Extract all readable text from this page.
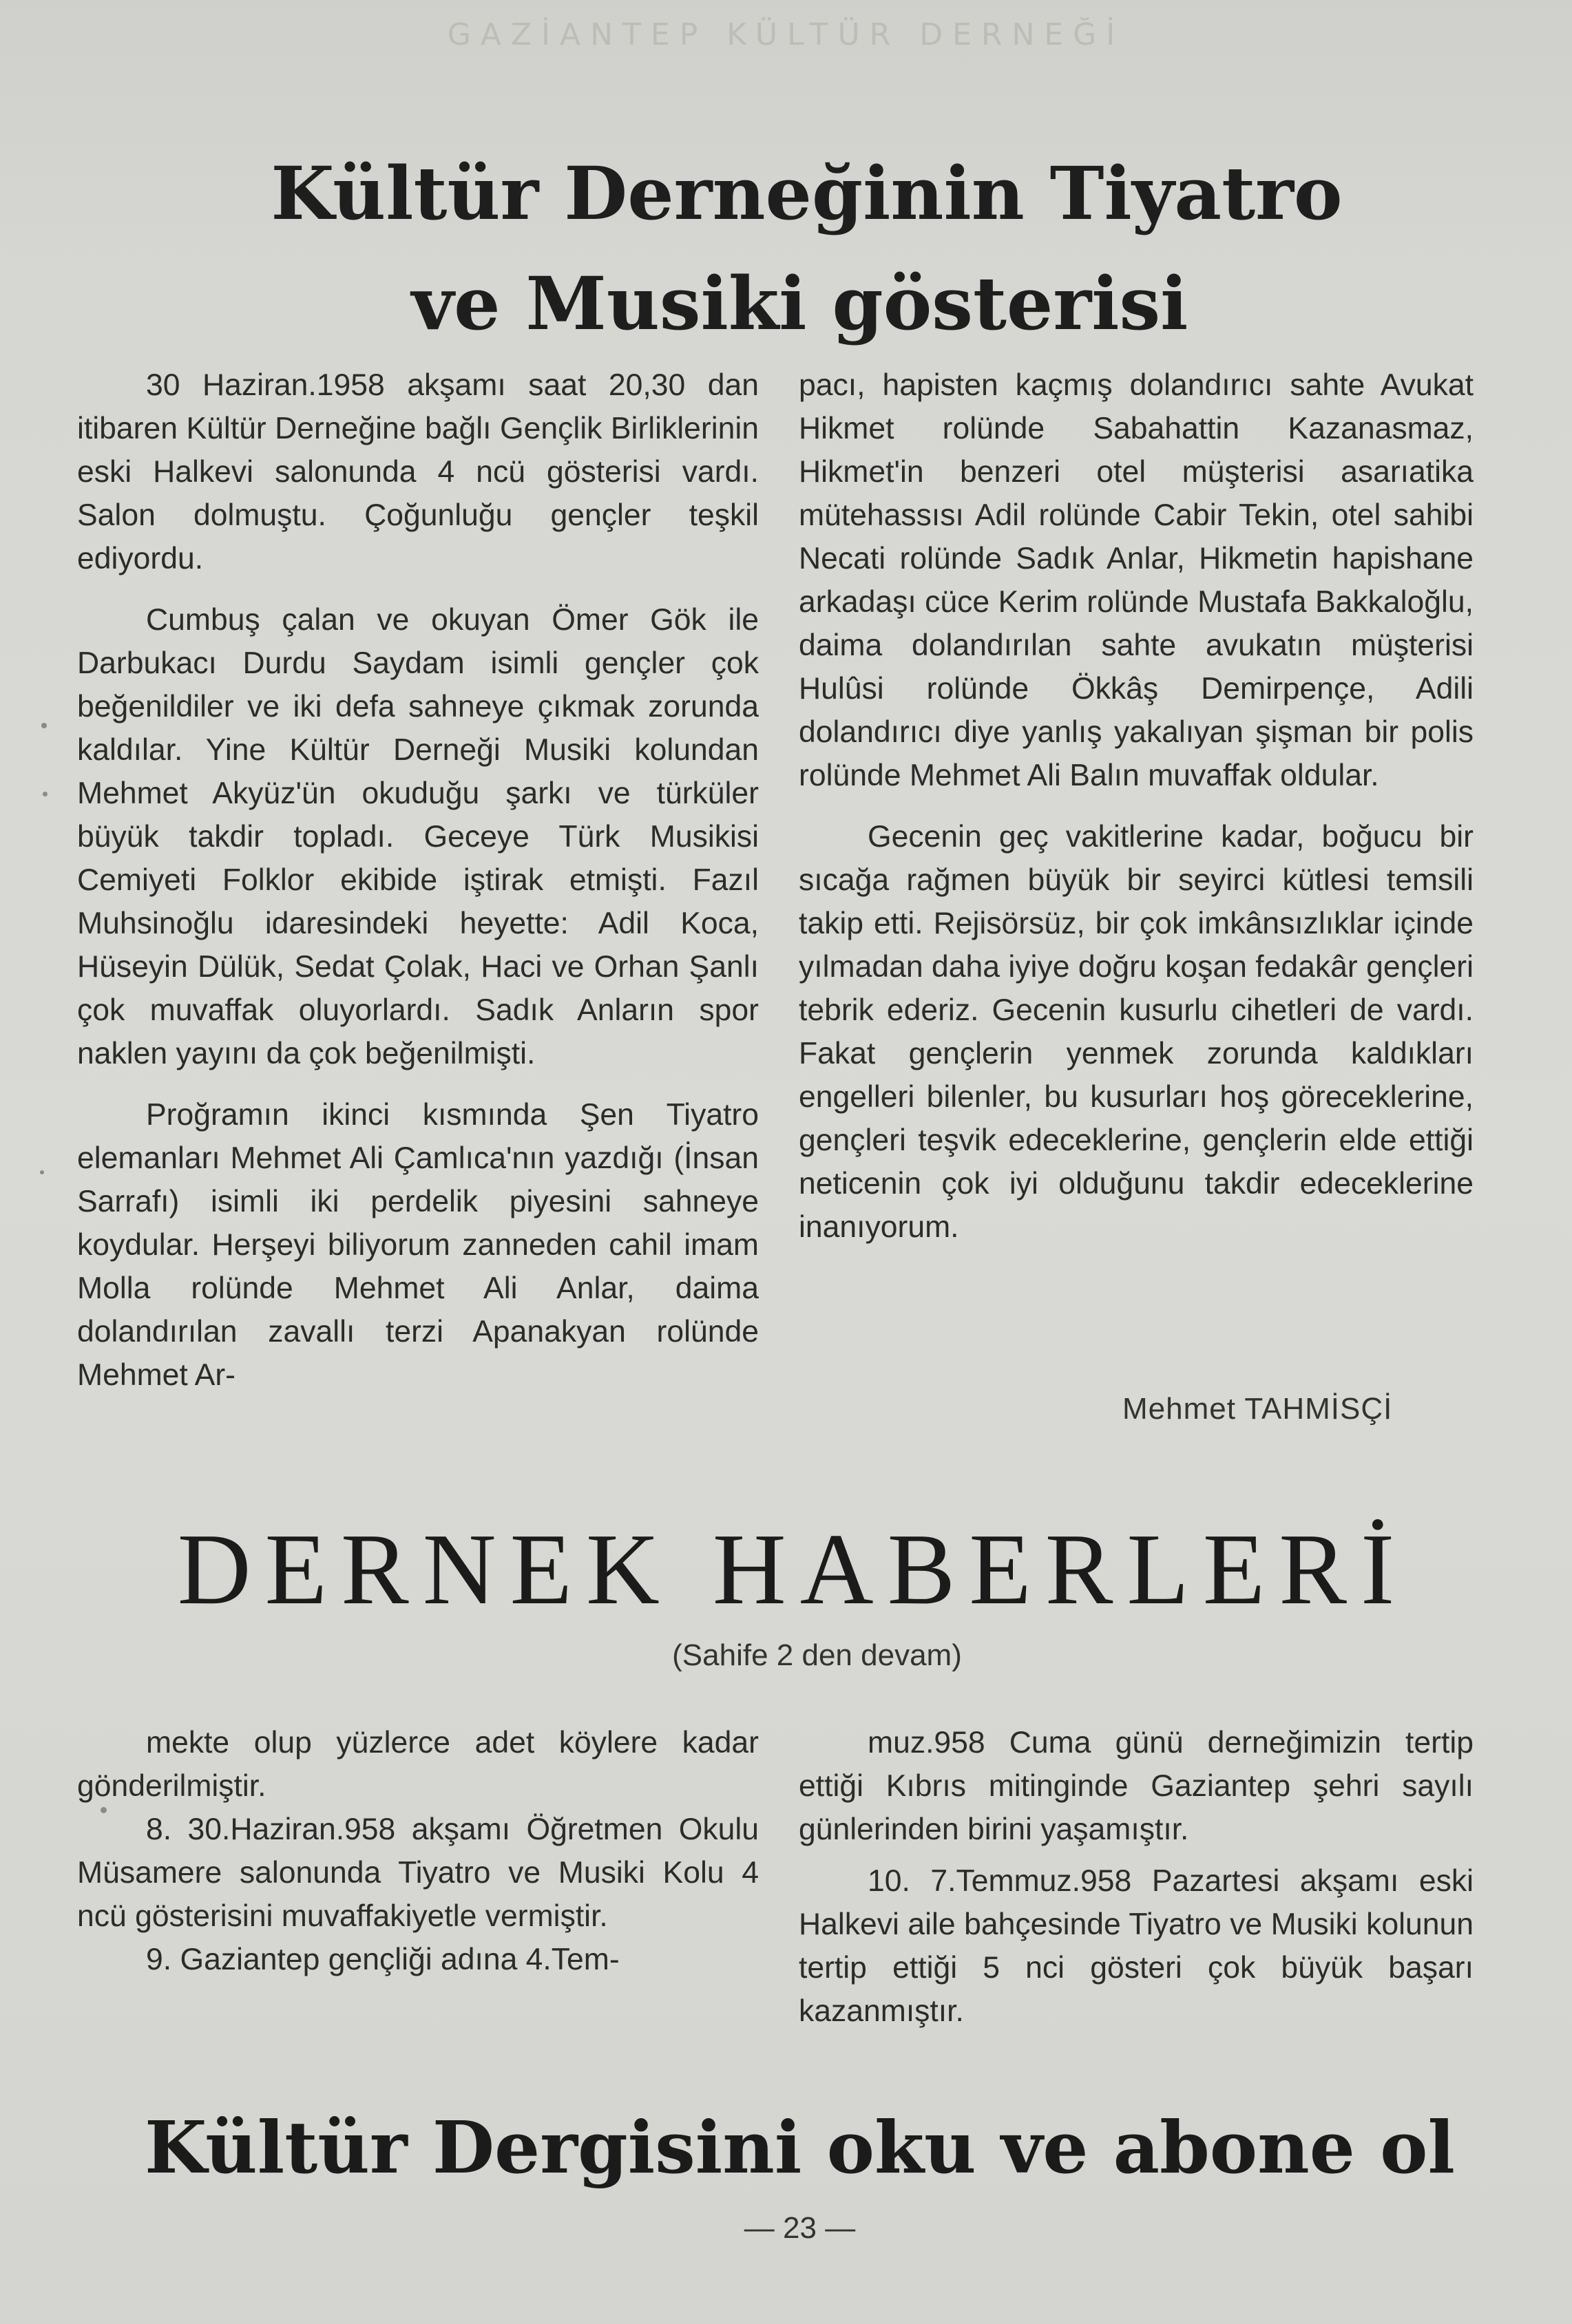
GAZİANTEP KÜLTÜR DERNEĞİ
Kültür Derneğinin Tiyatro
ve Musiki gösterisi

30 Haziran.1958 akşamı saat 20,30 dan itibaren Kültür Derneğine bağlı Gençlik Birliklerinin eski Halkevi salonunda 4 ncü gösterisi vardı. Salon dolmuştu. Çoğunluğu gençler teşkil ediyordu.

Cumbuş çalan ve okuyan Ömer Gök ile Darbukacı Durdu Saydam isimli gençler çok beğenildiler ve iki defa sahneye çıkmak zorunda kaldılar. Yine Kültür Derneği Musiki kolundan Mehmet Akyüz'ün okuduğu şarkı ve türküler büyük takdir topladı. Geceye Türk Musikisi Cemiyeti Folklor ekibide iştirak etmişti. Fazıl Muhsinoğlu idaresindeki heyette: Adil Koca, Hüseyin Dülük, Sedat Çolak, Haci ve Orhan Şanlı çok muvaffak oluyorlardı. Sadık Anların spor naklen yayını da çok beğenilmişti.

Proğramın ikinci kısmında Şen Tiyatro elemanları Mehmet Ali Çamlıca'nın yazdığı (İnsan Sarrafı) isimli iki perdelik piyesini sahneye koydular. Herşeyi biliyorum zanneden cahil imam Molla rolünde Mehmet Ali Anlar, daima dolandırılan zavallı terzi Apanakyan rolünde Mehmet Ar-

pacı, hapisten kaçmış dolandırıcı sahte Avukat Hikmet rolünde Sabahattin Kazanasmaz, Hikmet'in benzeri otel müşterisi asarıatika mütehassısı Adil rolünde Cabir Tekin, otel sahibi Necati rolünde Sadık Anlar, Hikmetin hapishane arkadaşı cüce Kerim rolünde Mustafa Bakkaloğlu, daima dolandırılan sahte avukatın müşterisi Hulûsi rolünde Ökkâş Demirpençe, Adili dolandırıcı diye yanlış yakalıyan şişman bir polis rolünde Mehmet Ali Balın muvaffak oldular.

Gecenin geç vakitlerine kadar, boğucu bir sıcağa rağmen büyük bir seyirci kütlesi temsili takip etti. Rejisörsüz, bir çok imkânsızlıklar içinde yılmadan daha iyiye doğru koşan fedakâr gençleri tebrik ederiz. Gecenin kusurlu cihetleri de vardı. Fakat gençlerin yenmek zorunda kaldıkları engelleri bilenler, bu kusurları hoş göreceklerine, gençleri teşvik edeceklerine, gençlerin elde ettiği neticenin çok iyi olduğunu takdir edeceklerine inanıyorum.

Mehmet TAHMİSÇİ
DERNEK HABERLERİ
(Sahife 2 den devam)

mekte olup yüzlerce adet köylere kadar gönderilmiştir.

8. 30.Haziran.958 akşamı Öğretmen Okulu Müsamere salonunda Tiyatro ve Musiki Kolu 4 ncü gösterisini muvaffakiyetle vermiştir.

9. Gaziantep gençliği adına 4.Tem-

muz.958 Cuma günü derneğimizin tertip ettiği Kıbrıs mitinginde Gaziantep şehri sayılı günlerinden birini yaşamıştır.

10. 7.Temmuz.958 Pazartesi akşamı eski Halkevi aile bahçesinde Tiyatro ve Musiki kolunun tertip ettiği 5 nci gösteri çok büyük başarı kazanmıştır.

Kültür Dergisini oku ve abone ol
— 23 —
